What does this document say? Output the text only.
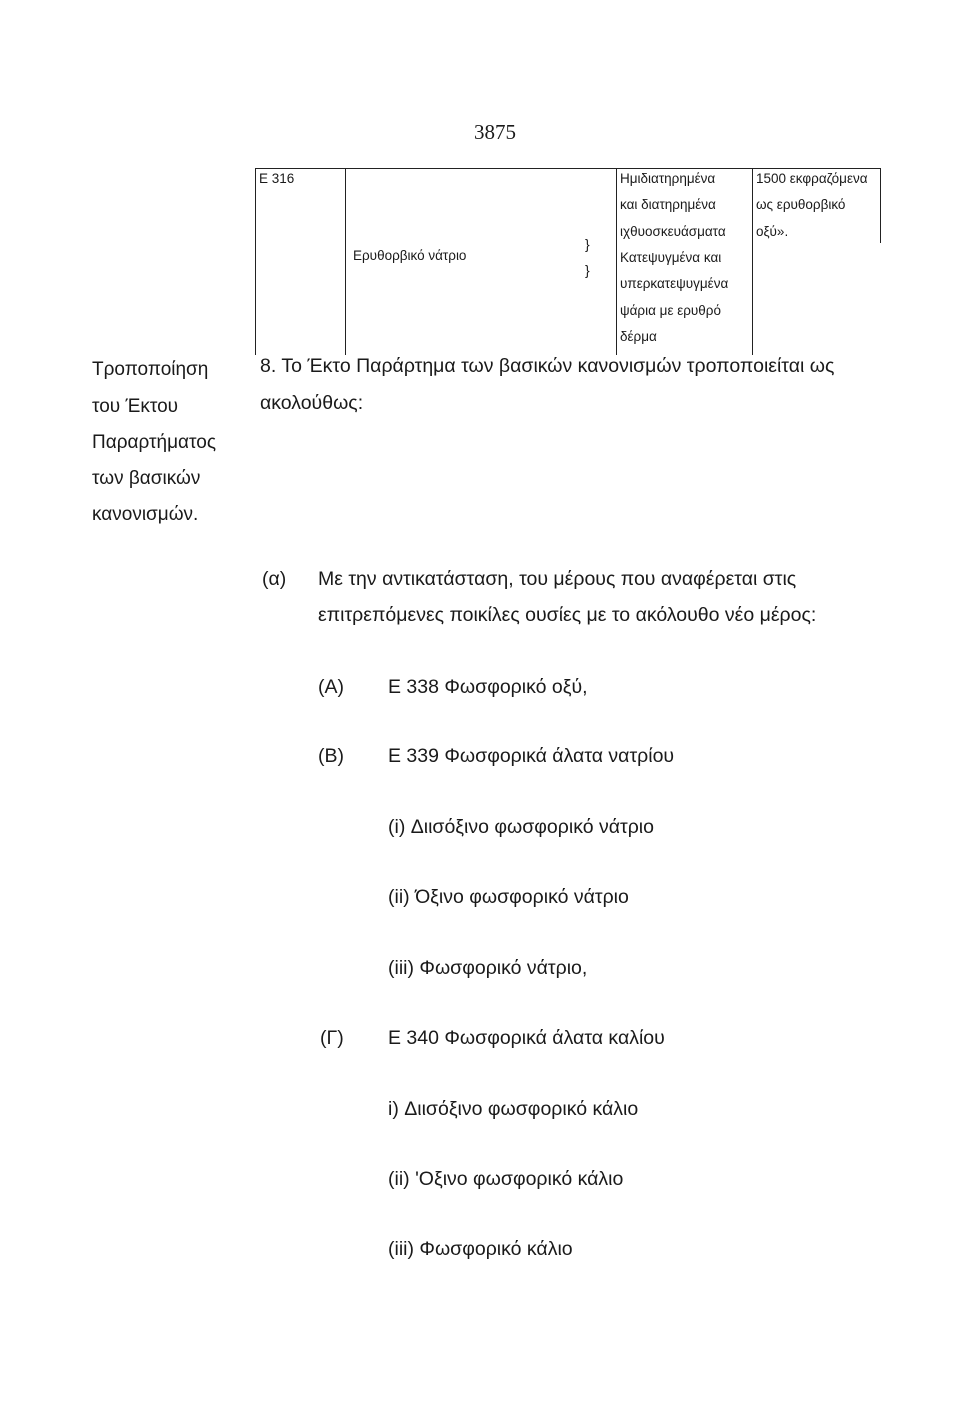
3875
E 316
Ερυθορβικό νάτριο
}
}
Ημιδιατηρημένα
και διατηρημένα
ιχθυοσκευάσματα
Κατεψυγμένα και
υπερκατεψυγμένα
ψάρια με ερυθρό
δέρμα
1500 εκφραζόμενα
ως ερυθορβικό
οξύ».
Τροποποίηση
του Έκτου
Παραρτήματος
των βασικών
κανονισμών.
8. Το Έκτο Παράρτημα των βασικών κανονισμών τροποποιείται ως
ακολούθως:
(α) Με την αντικατάσταση, του μέρους που αναφέρεται στις
επιτρεπόμενες ποικίλες ουσίες με το ακόλουθο νέο μέρος:
(A) E 338 Φωσφορικό οξύ,
(B) E 339 Φωσφορικά άλατα νατρίου
(i) Διισόξινο φωσφορικό νάτριο
(ii) Όξινο φωσφορικό νάτριο
(iii) Φωσφορικό νάτριο,
(Γ) E 340 Φωσφορικά άλατα καλίου
i) Διισόξινο φωσφορικό κάλιο
(ii) 'Οξινο φωσφορικό κάλιο
(iii) Φωσφορικό κάλιο
